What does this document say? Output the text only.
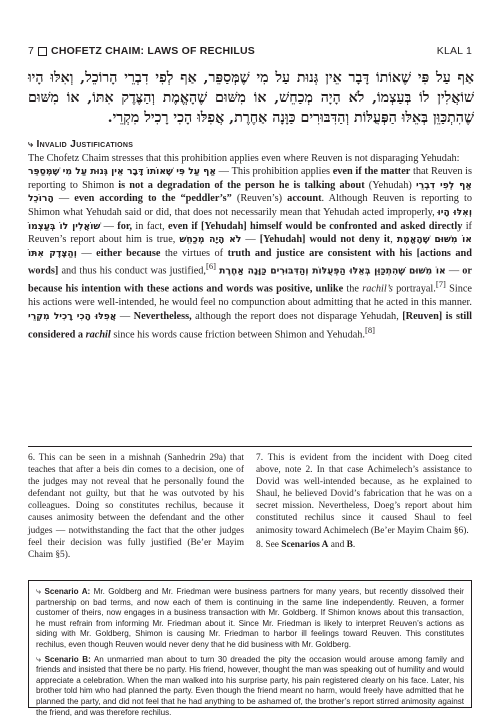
7 CHOFETZ CHAIM: LAWS OF RECHILUS	KLAL 1
אַף עַל פִּי שֶׁאוֹתוֹ דָּבָר אֵין גְּנוּת עַל מִי שֶׁמְּסַפֵּר, אַף לְפִי דִבְרֵי הָרוֹכֵל, וְאִלּוּ הָיוּ שׁוֹאֲלִין לוֹ בְּעַצְמוֹ, לֹא הָיָה מְכַחֵשׁ, אוֹ מִשּׁוּם שֶׁהָאֱמֶת וְהַצֶּדֶק אִתּוֹ, אוֹ מִשּׁוּם שֶׁהִתְכַּוֵּן בְּאֵלּוּ הַפְּעֻלּוֹת וְהַדִּבּוּרִים כַּוָּנָה אַחֶרֶת, אֲפִלּוּ הָכִי רָכִיל מִקְרֵי.
⤷ Invalid Justifications

The Chofetz Chaim stresses that this prohibition applies even where Reuven is not disparaging Yehudah:

אַף עַל פִּי שֶׁאוֹתוֹ דָּבָר אֵין גְּנוּת עַל מִי שֶׁמְּסַפֵּר — This prohibition applies even if the matter that Reuven is reporting to Shimon is not a degradation of the person he is talking about (Yehudah) אַף לְפִי דִבְרֵי הָרוֹכֵל — even according to the “peddler’s” (Reuven’s) account. Although Reuven is reporting to Shimon what Yehudah said or did, that does not necessarily mean that Yehudah acted improperly, וְאִלּוּ הָיוּ שׁוֹאֲלִין לוֹ בְּעַצְמוֹ — for, in fact, even if [Yehudah] himself would be confronted and asked directly if Reuven’s report about him is true, לֹא הָיָה מְכַחֵשׁ — [Yehudah] would not deny it, אוֹ מִשּׁוּם שֶׁהָאֱמֶת וְהַצֶּדֶק אִתּוֹ — either because the virtues of truth and justice are consistent with his [actions and words] and thus his conduct was justified,[6] אוֹ מִשּׁוּם שֶׁהִתְכַּוֵּן בְּאֵלּוּ הַפְּעֻלּוֹת וְהַדִּבּוּרִים כַּוָּנָה אַחֶרֶת — or because his intention with these actions and words was positive, unlike the rachil’s portrayal.[7] Since his actions were well-intended, he would feel no compunction about admitting that he acted in this manner. אֲפִלּוּ הָכִי רָכִיל מִקְרֵי — Nevertheless, although the report does not disparage Yehudah, [Reuven] is still considered a rachil since his words cause friction between Shimon and Yehudah.[8]

6. This can be seen in a mishnah (Sanhedrin 29a) that teaches that after a beis din comes to a decision, one of the judges may not reveal that he personally found the defendant not guilty, but that he was outvoted by his colleagues. Doing so constitutes rechilus, because it causes animosity between the defendant and the other judges — notwithstanding the fact that the other judges feel their decision was fully justified (Be’er Mayim Chaim §5).

7. This is evident from the incident with Doeg cited above, note 2. In that case Achimelech’s assistance to Dovid was well-intended because, as he explained to Shaul, he believed Dovid’s fabrication that he was on a secret mission. Nevertheless, Doeg’s report about him constituted rechilus since it caused Shaul to feel animosity toward Achimelech (Be’er Mayim Chaim §6).

8. See Scenarios A and B.

⤷ Scenario A: Mr. Goldberg and Mr. Friedman were business partners for many years, but recently dissolved their partnership on bad terms, and now each of them is continuing in the same line independently. Reuven, a former customer of theirs, now engages in a business transaction with Mr. Goldberg. If Shimon knows about this transaction, he must refrain from informing Mr. Friedman about it. Since Mr. Friedman is likely to interpret Reuven’s actions as siding with Mr. Goldberg, Shimon is causing Mr. Friedman to harbor ill feelings toward Reuven. This constitutes rechilus, even though Reuven would never deny that he did business with Mr. Goldberg.

⤷ Scenario B: An unmarried man about to turn 30 dreaded the pity the occasion would arouse among family and friends and insisted that there be no party. His friend, however, thought the man was speaking out of humility and would appreciate a celebration. When the man walked into his surprise party, his pain registered clearly on his face. Later, his brother told him who had planned the party. Even though the friend meant no harm, would freely have admitted that he planned the party, and did not feel that he had anything to be ashamed of, the brother’s report stirred animosity against the friend, and was therefore rechilus.
